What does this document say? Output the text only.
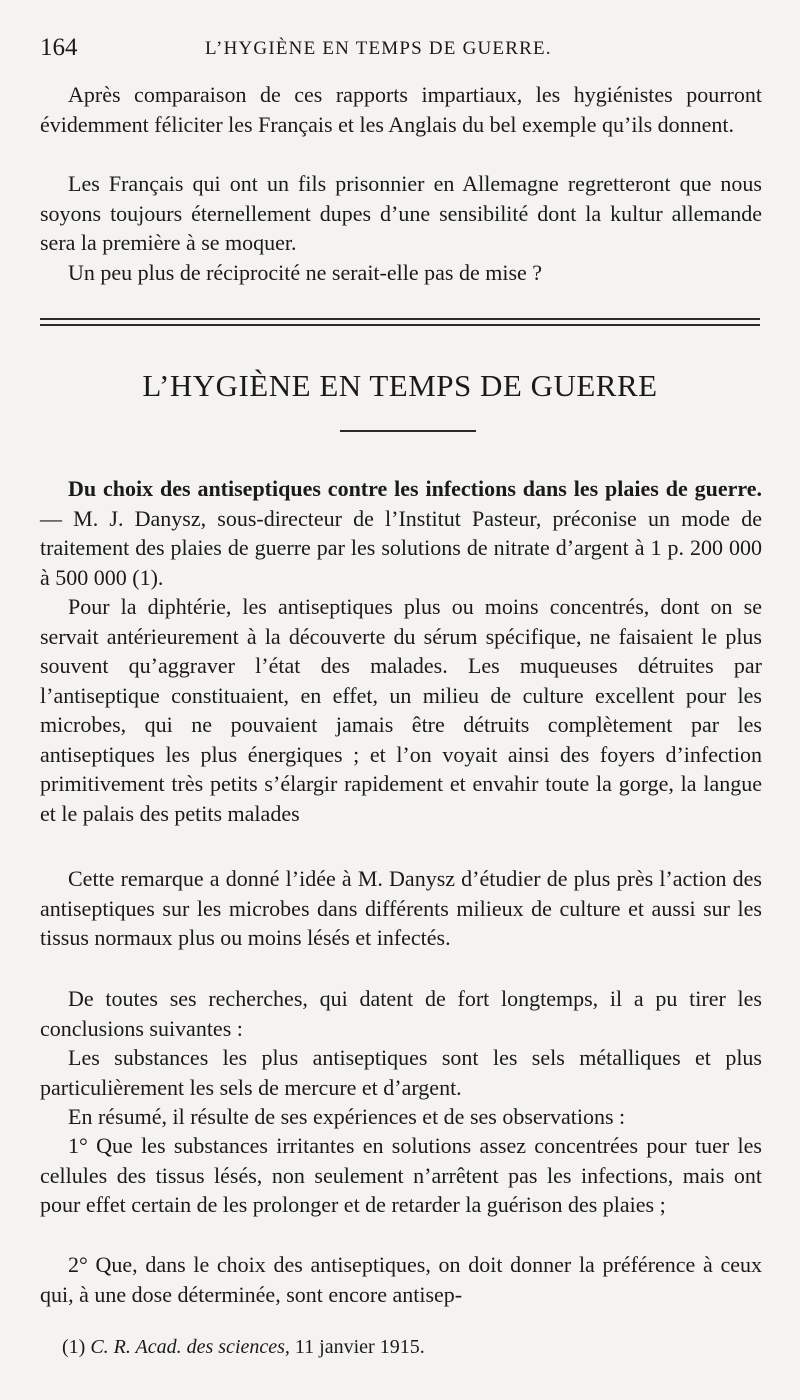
164	L’HYGIÈNE EN TEMPS DE GUERRE.

Après comparaison de ces rapports impartiaux, les hygiénistes pourront évidemment féliciter les Français et les Anglais du bel exemple qu’ils donnent.

Les Français qui ont un fils prisonnier en Allemagne regretteront que nous soyons toujours éternellement dupes d’une sensibilité dont la kultur allemande sera la première à se moquer.

Un peu plus de réciprocité ne serait-elle pas de mise ?

L’HYGIÈNE EN TEMPS DE GUERRE

Du choix des antiseptiques contre les infections dans les plaies de guerre. — M. J. Danysz, sous-directeur de l’Institut Pasteur, préconise un mode de traitement des plaies de guerre par les solutions de nitrate d’argent à 1 p. 200 000 à 500 000 (1).

Pour la diphtérie, les antiseptiques plus ou moins concentrés, dont on se servait antérieurement à la découverte du sérum spécifique, ne faisaient le plus souvent qu’aggraver l’état des malades. Les muqueuses détruites par l’antiseptique constituaient, en effet, un milieu de culture excellent pour les microbes, qui ne pouvaient jamais être détruits complètement par les antiseptiques les plus énergiques ; et l’on voyait ainsi des foyers d’infection primitivement très petits s’élargir rapidement et envahir toute la gorge, la langue et le palais des petits malades

Cette remarque a donné l’idée à M. Danysz d’étudier de plus près l’action des antiseptiques sur les microbes dans différents milieux de culture et aussi sur les tissus normaux plus ou moins lésés et infectés.

De toutes ses recherches, qui datent de fort longtemps, il a pu tirer les conclusions suivantes :

Les substances les plus antiseptiques sont les sels métalliques et plus particulièrement les sels de mercure et d’argent.

En résumé, il résulte de ses expériences et de ses observations :

1° Que les substances irritantes en solutions assez concentrées pour tuer les cellules des tissus lésés, non seulement n’arrêtent pas les infections, mais ont pour effet certain de les prolonger et de retarder la guérison des plaies ;

2° Que, dans le choix des antiseptiques, on doit donner la préférence à ceux qui, à une dose déterminée, sont encore antisep-

(1) C. R. Acad. des sciences, 11 janvier 1915.
